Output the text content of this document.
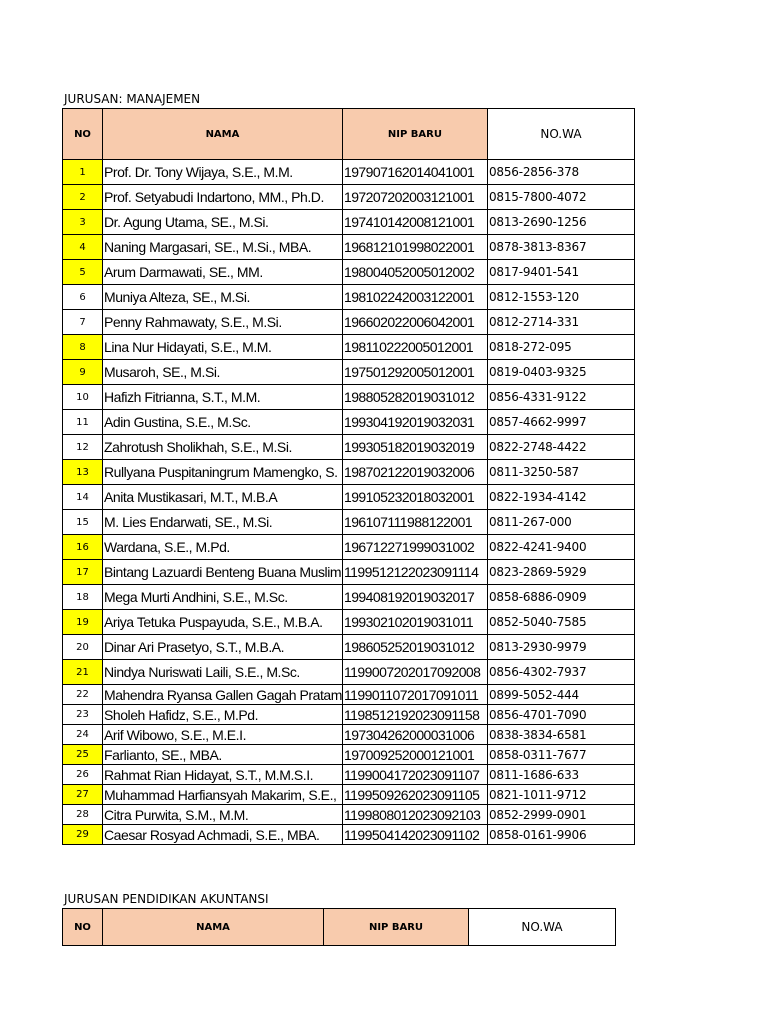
JURUSAN: MANAJEMEN
NO	NAMA	NIP BARU	NO.WA
1	Prof. Dr. Tony Wijaya, S.E., M.M.	197907162014041001	0856-2856-378
2	Prof. Setyabudi Indartono, MM., Ph.D.	197207202003121001	0815-7800-4072
3	Dr. Agung Utama, SE., M.Si.	197410142008121001	0813-2690-1256
4	Naning Margasari, SE., M.Si., MBA.	196812101998022001	0878-3813-8367
5	Arum Darmawati, SE., MM.	198004052005012002	0817-9401-541
6	Muniya Alteza, SE., M.Si.	198102242003122001	0812-1553-120
7	Penny Rahmawaty, S.E., M.Si.	196602022006042001	0812-2714-331
8	Lina Nur Hidayati, S.E., M.M.	198110222005012001	0818-272-095
9	Musaroh, SE., M.Si.	197501292005012001	0819-0403-9325
10	Hafizh Fitrianna, S.T., M.M.	198805282019031012	0856-4331-9122
11	Adin Gustina, S.E., M.Sc.	199304192019032031	0857-4662-9997
12	Zahrotush Sholikhah, S.E., M.Si.	199305182019032019	0822-2748-4422
13	Rullyana Puspitaningrum Mamengko, S.	198702122019032006	0811-3250-587
14	Anita Mustikasari, M.T., M.B.A	199105232018032001	0822-1934-4142
15	M. Lies Endarwati, SE., M.Si.	196107111988122001	0811-267-000
16	Wardana, S.E., M.Pd.	196712271999031002	0822-4241-9400
17	Bintang Lazuardi Benteng Buana Muslim	1199512122023091114	0823-2869-5929
18	Mega Murti Andhini, S.E., M.Sc.	199408192019032017	0858-6886-0909
19	Ariya Tetuka Puspayuda, S.E., M.B.A.	199302102019031011	0852-5040-7585
20	Dinar Ari Prasetyo, S.T., M.B.A.	198605252019031012	0813-2930-9979
21	Nindya Nuriswati Laili, S.E., M.Sc.	1199007202017092008	0856-4302-7937
22	Mahendra Ryansa Gallen Gagah Pratam	1199011072017091011	0899-5052-444
23	Sholeh Hafidz, S.E., M.Pd.	1198512192023091158	0856-4701-7090
24	Arif Wibowo, S.E., M.E.I.	197304262000031006	0838-3834-6581
25	Farlianto, SE., MBA.	197009252000121001	0858-0311-7677
26	Rahmat Rian Hidayat, S.T., M.M.S.I.	1199004172023091107	0811-1686-633
27	Muhammad Harfiansyah Makarim, S.E.,	1199509262023091105	0821-1011-9712
28	Citra Purwita, S.M., M.M.	1199808012023092103	0852-2999-0901
29	Caesar Rosyad Achmadi, S.E., MBA.	1199504142023091102	0858-0161-9906
JURUSAN PENDIDIKAN AKUNTANSI
NO	NAMA	NIP BARU	NO.WA
